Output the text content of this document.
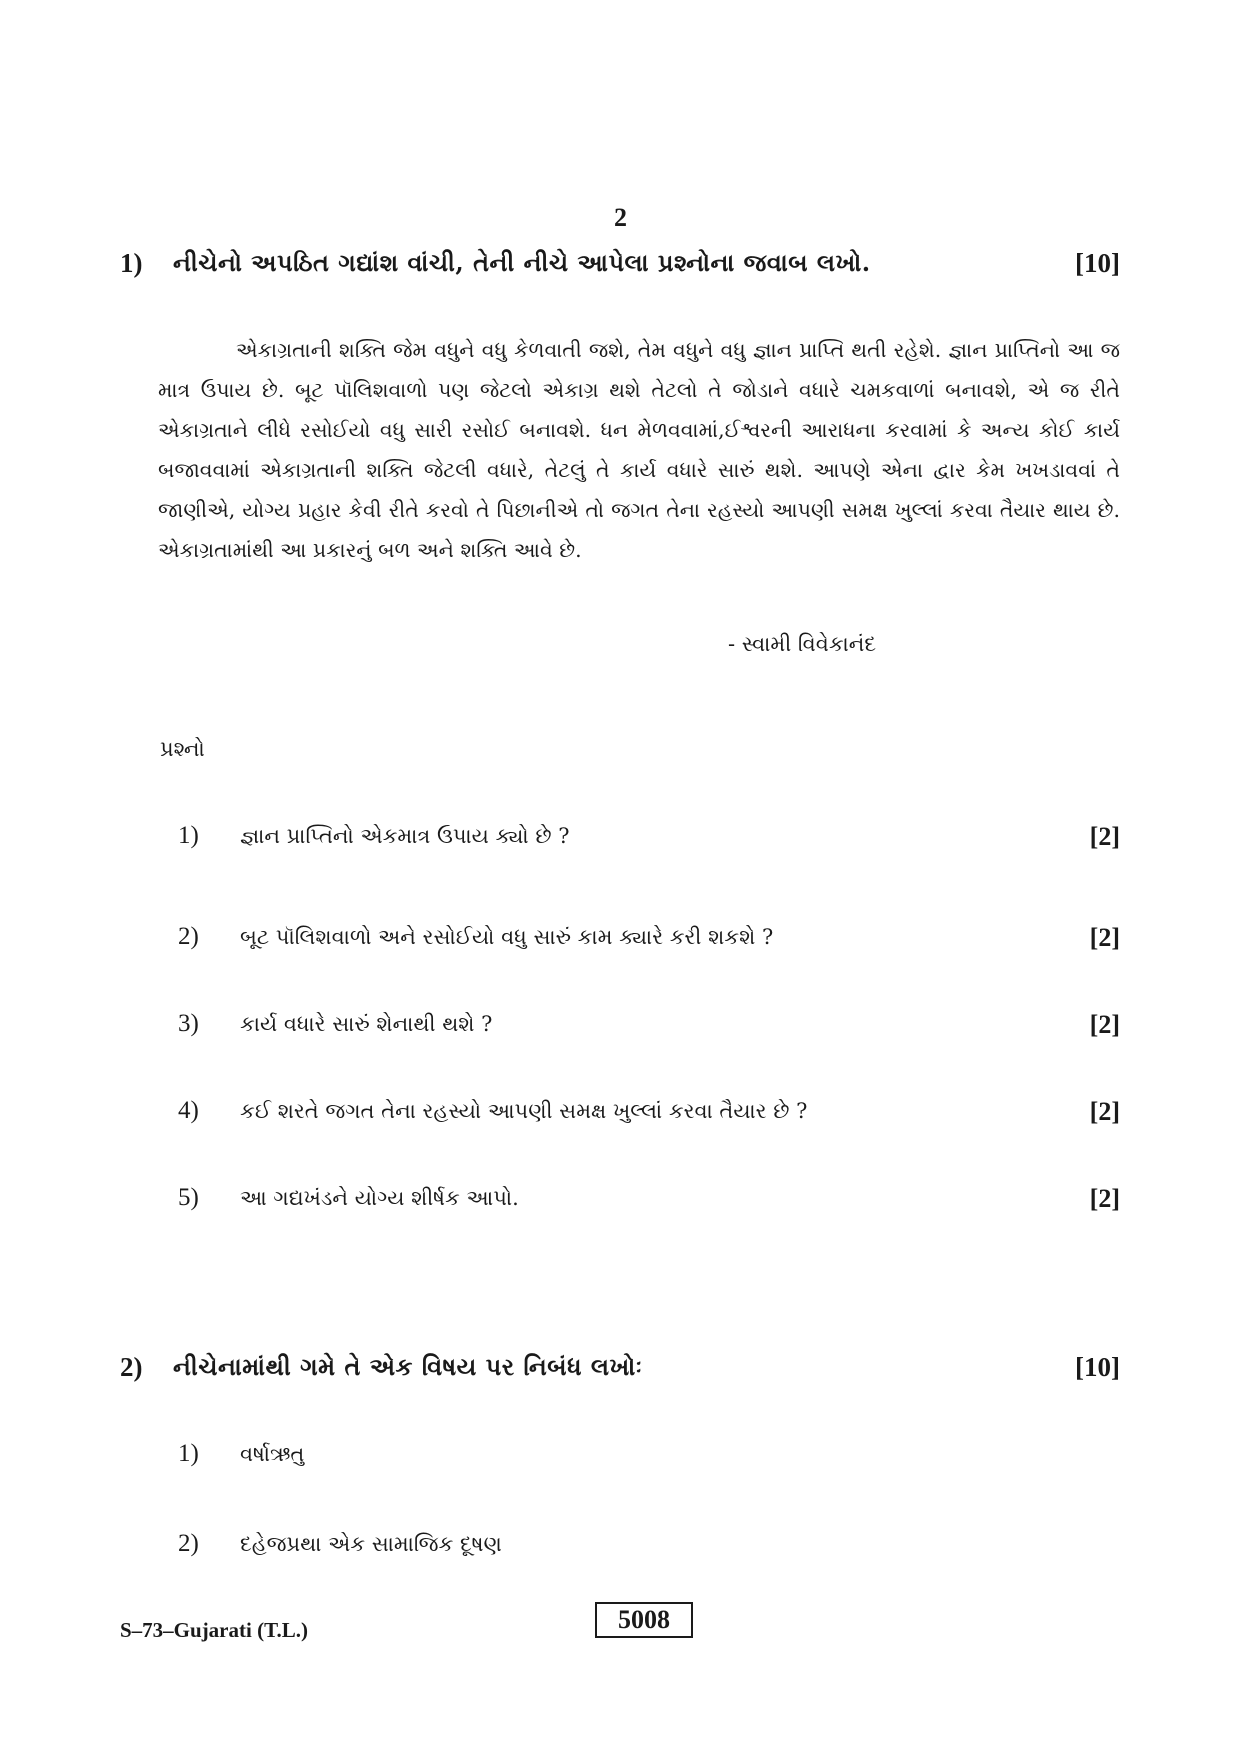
2
1) નીચેનો અપઠિત ગદ્યાંશ વાંચી, તેની નીચે આપેલા પ્રશ્નોના જવાબ લખો.	[10]
એકાગ્રતાની શક્તિ જેમ વધુને વધુ કેળવાતી જશે, તેમ વધુને વધુ જ્ઞાન પ્રાપ્તિ થતી રહેશે. જ્ઞાન પ્રાપ્તિનો આ જ માત્ર ઉપાય છે. બૂટ પૉલિશવાળો પણ જેટલો એકાગ્ર થશે તેટલો તે જોડાને વધારે ચમકવાળાં બનાવશે, એ જ રીતે એકાગ્રતાને લીધે રસોઈયો વધુ સારી રસોઈ બનાવશે. ધન મેળવવામાં,ઈશ્વરની આરાધના કરવામાં કે અન્ય કોઈ કાર્ય બજાવવામાં એકાગ્રતાની શક્તિ જેટલી વધારે, તેટલું તે કાર્ય વધારે સારું થશે. આપણે એના દ્વાર કેમ ખખડાવવાં તે જાણીએ, યોગ્ય પ્રહાર કેવી રીતે કરવો તે પિછાનીએ તો જગત તેના રહસ્યો આપણી સમક્ષ ખુલ્લાં કરવા તૈયાર થાય છે. એકાગ્રતામાંથી આ પ્રકારનું બળ અને શક્તિ આવે છે.
- સ્વામી વિવેકાનંદ
પ્રશ્નો
1) જ્ઞાન પ્રાપ્તિનો એકમાત્ર ઉપાય ક્યો છે ?	[2]
2) બૂટ પૉલિશવાળો અને રસોઈયો વધુ સારું કામ ક્યારે કરી શકશે ?	[2]
3) કાર્ય વધારે સારું શેનાથી થશે ?	[2]
4) કઈ શરતે જગત તેના રહસ્યો આપણી સમક્ષ ખુલ્લાં કરવા તૈયાર છે ?	[2]
5) આ ગદ્યખંડને યોગ્ય શીર્ષક આપો.	[2]
2) નીચેનામાંથી ગમે તે એક વિષય પર નિબંધ લખોઃ	[10]
1) વર્ષાઋતુ
2) દહેજપ્રથા એક સામાજિક દૂષણ
S–73–Gujarati (T.L.)	5008
